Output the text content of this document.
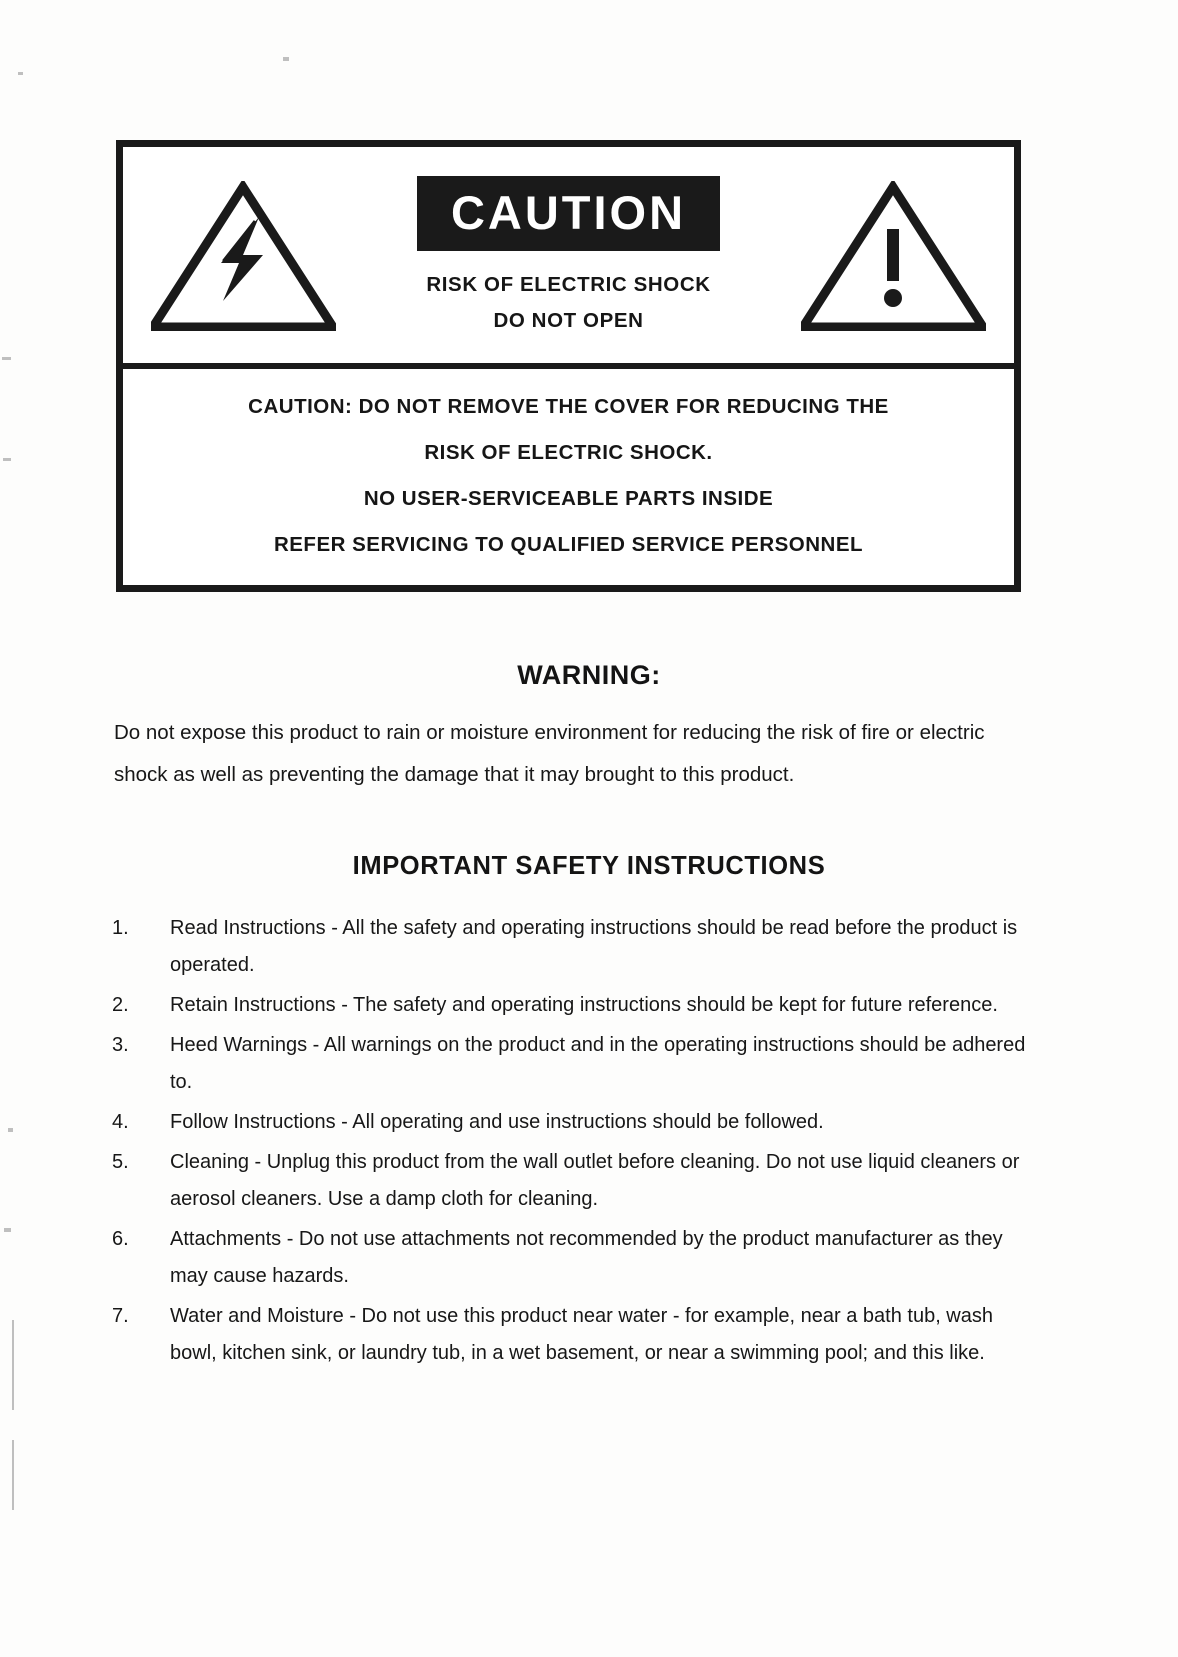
CAUTION
RISK OF ELECTRIC SHOCK
DO NOT OPEN

CAUTION: DO NOT REMOVE THE COVER FOR REDUCING THE

RISK OF ELECTRIC SHOCK.

NO USER-SERVICEABLE PARTS INSIDE

REFER SERVICING TO QUALIFIED SERVICE PERSONNEL

WARNING:
Do not expose this product to rain or moisture environment for reducing the risk of fire or electric shock as well as preventing the damage that it may brought to this product.
IMPORTANT SAFETY INSTRUCTIONS
1.	Read Instructions - All the safety and operating instructions should be read before the product is operated.
2.	Retain Instructions - The safety and operating instructions should be kept for future reference.
3.	Heed Warnings - All warnings on the product and in the operating instructions should be adhered to.
4.	Follow Instructions - All operating and use instructions should be followed.
5.	Cleaning - Unplug this product from the wall outlet before cleaning. Do not use liquid cleaners or aerosol cleaners. Use a damp cloth for cleaning.
6.	Attachments - Do not use attachments not recommended by the product manufacturer as they may cause hazards.
7.	Water and Moisture - Do not use this product near water - for example, near a bath tub, wash bowl, kitchen sink, or laundry tub, in a wet basement, or near a swimming pool; and this like.
